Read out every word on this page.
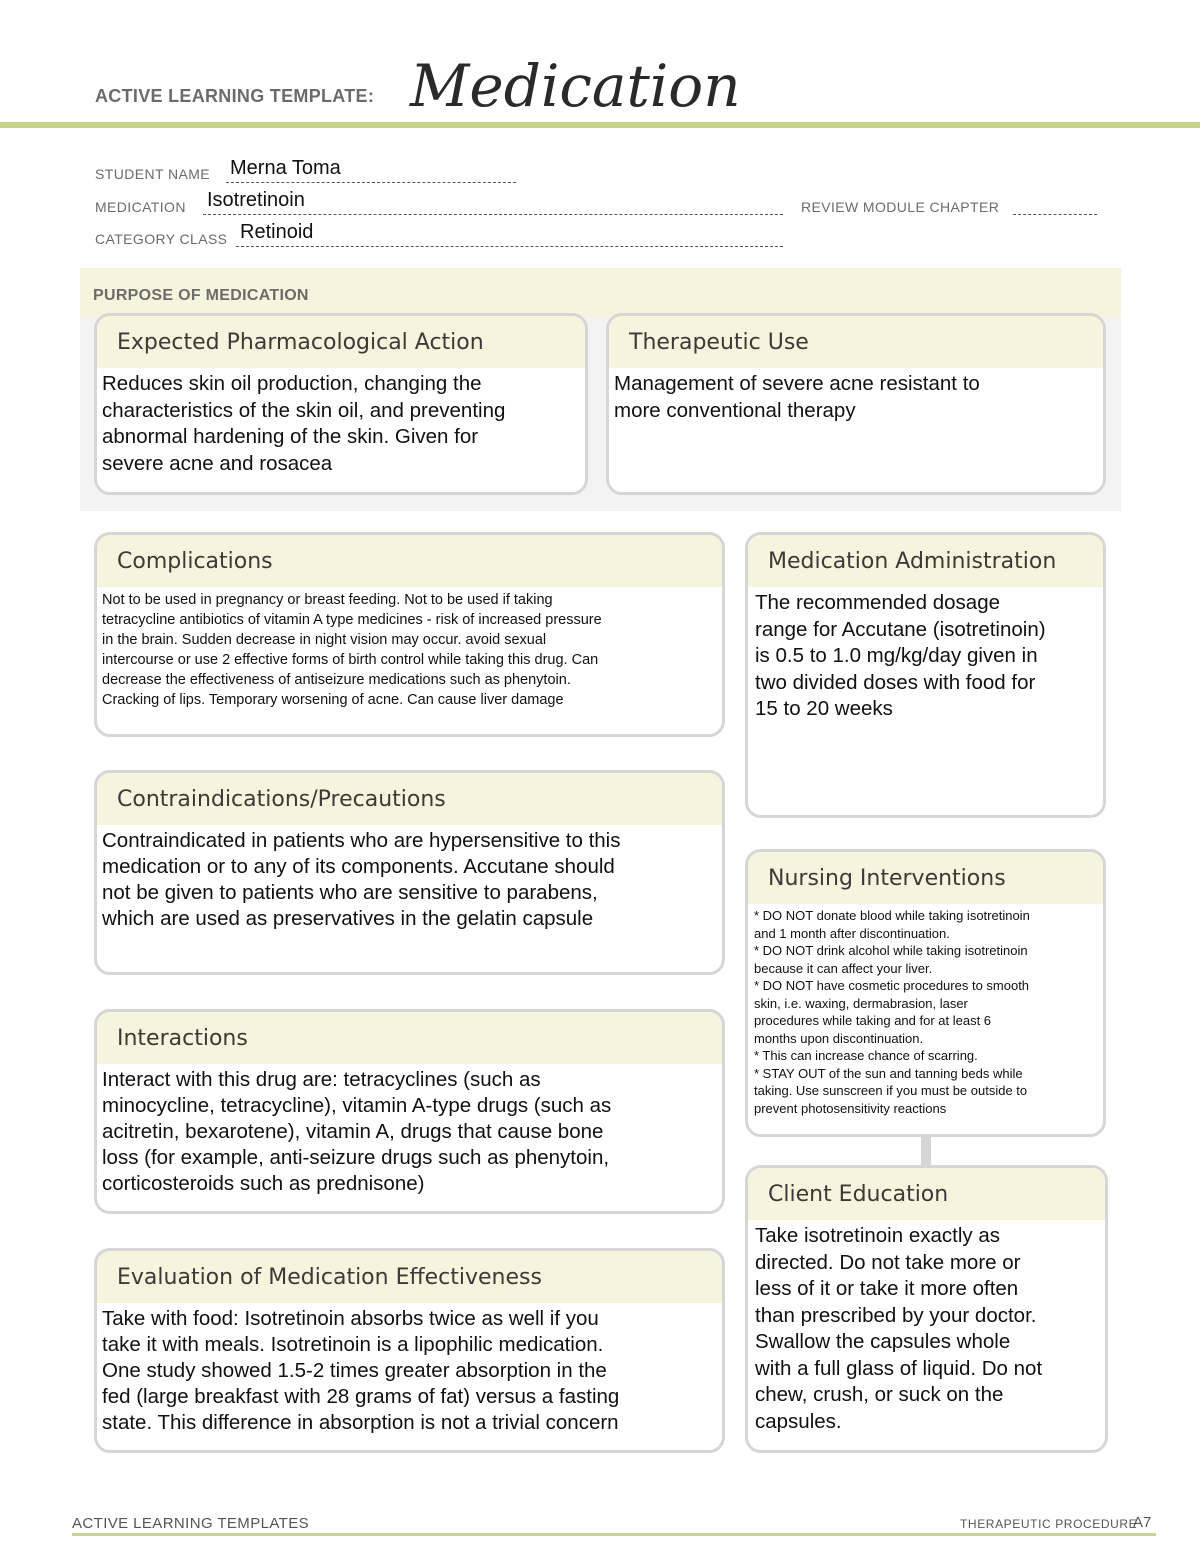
ACTIVE LEARNING TEMPLATE: Medication
STUDENT NAME Merna Toma
MEDICATION Isotretinoin	REVIEW MODULE CHAPTER
CATEGORY CLASS Retinoid
PURPOSE OF MEDICATION
Expected Pharmacological Action
Reduces skin oil production, changing the
characteristics of the skin oil, and preventing
abnormal hardening of the skin. Given for
severe acne and rosacea
Therapeutic Use
Management of severe acne resistant to
more conventional therapy
Complications
Not to be used in pregnancy or breast feeding. Not to be used if taking
tetracycline antibiotics of vitamin A type medicines - risk of increased pressure
in the brain. Sudden decrease in night vision may occur. avoid sexual
intercourse or use 2 effective forms of birth control while taking this drug. Can
decrease the effectiveness of antiseizure medications such as phenytoin.
Cracking of lips. Temporary worsening of acne. Can cause liver damage
Contraindications/Precautions
Contraindicated in patients who are hypersensitive to this
medication or to any of its components. Accutane should
not be given to patients who are sensitive to parabens,
which are used as preservatives in the gelatin capsule
Interactions
Interact with this drug are: tetracyclines (such as
minocycline, tetracycline), vitamin A-type drugs (such as
acitretin, bexarotene), vitamin A, drugs that cause bone
loss (for example, anti-seizure drugs such as phenytoin,
corticosteroids such as prednisone)
Evaluation of Medication Effectiveness
Take with food: Isotretinoin absorbs twice as well if you
take it with meals. Isotretinoin is a lipophilic medication.
One study showed 1.5-2 times greater absorption in the
fed (large breakfast with 28 grams of fat) versus a fasting
state. This difference in absorption is not a trivial concern
Medication Administration
The recommended dosage
range for Accutane (isotretinoin)
is 0.5 to 1.0 mg/kg/day given in
two divided doses with food for
15 to 20 weeks
Nursing Interventions
* DO NOT donate blood while taking isotretinoin
and 1 month after discontinuation.
* DO NOT drink alcohol while taking isotretinoin
because it can affect your liver.
* DO NOT have cosmetic procedures to smooth
skin, i.e. waxing, dermabrasion, laser
procedures while taking and for at least 6
months upon discontinuation.
* This can increase chance of scarring.
* STAY OUT of the sun and tanning beds while
taking. Use sunscreen if you must be outside to
prevent photosensitivity reactions
Client Education
Take isotretinoin exactly as
directed. Do not take more or
less of it or take it more often
than prescribed by your doctor.
Swallow the capsules whole
with a full glass of liquid. Do not
chew, crush, or suck on the
capsules.
ACTIVE LEARNING TEMPLATES	THERAPEUTIC PROCEDURE
A7
